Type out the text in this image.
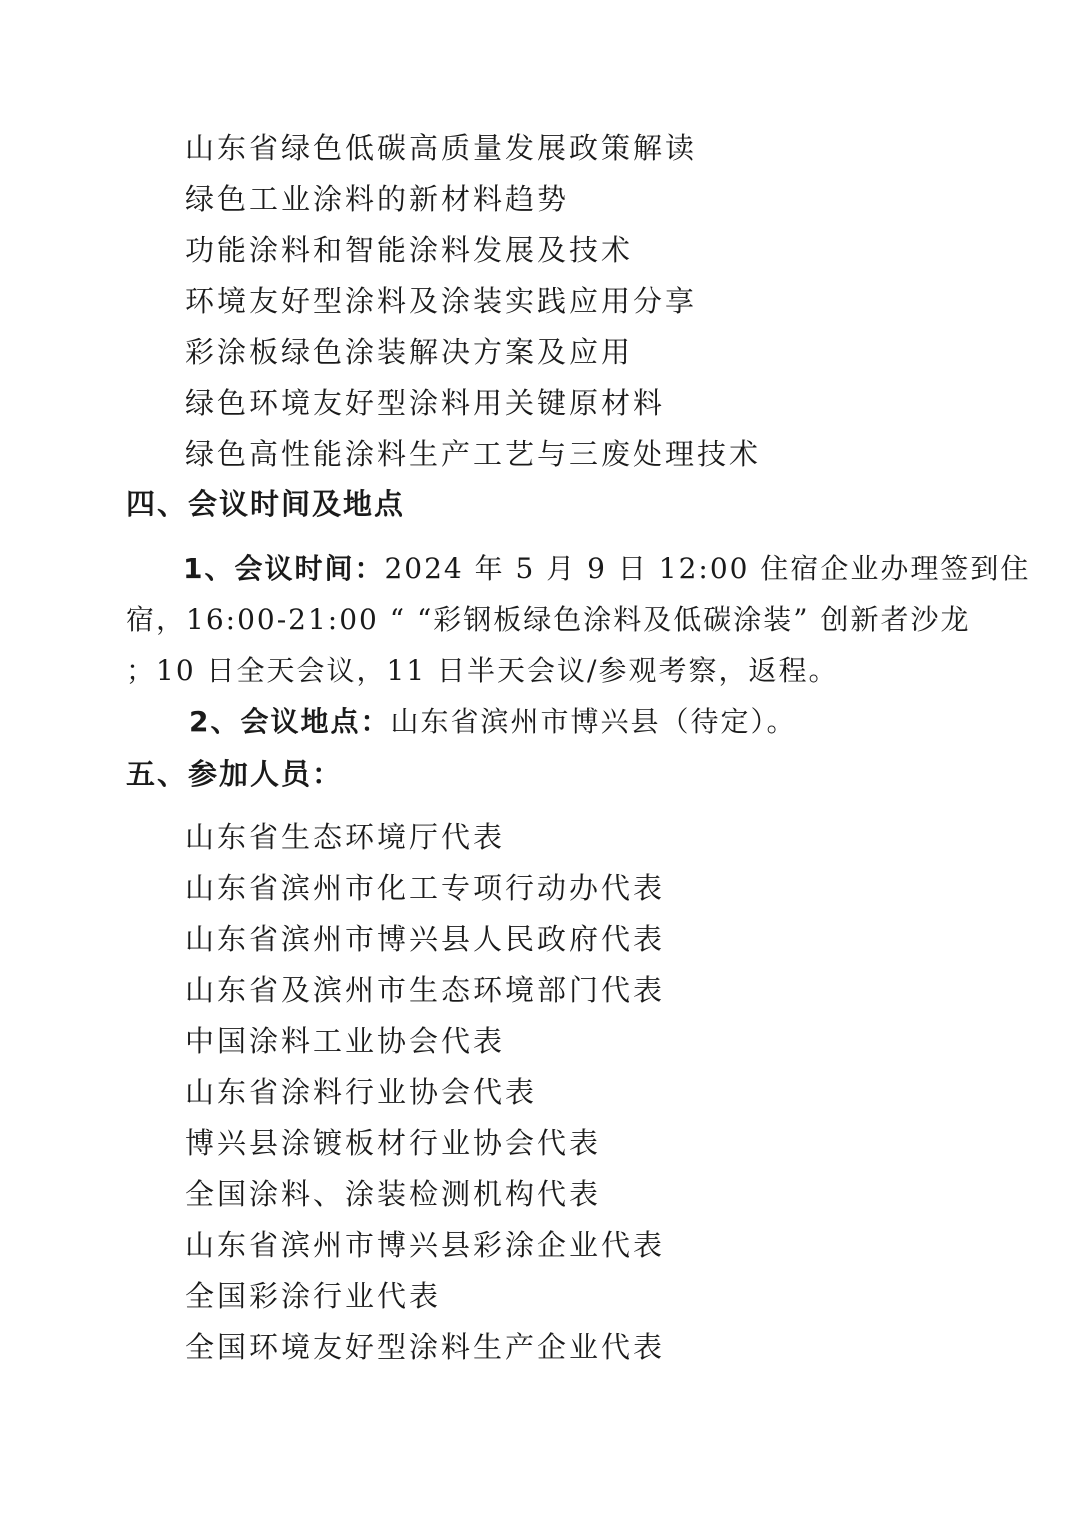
山东省绿色低碳高质量发展政策解读
绿色工业涂料的新材料趋势
功能涂料和智能涂料发展及技术
环境友好型涂料及涂装实践应用分享
彩涂板绿色涂装解决方案及应用
绿色环境友好型涂料用关键原材料
绿色高性能涂料生产工艺与三废处理技术
四、会议时间及地点
1、会议时间：2024 年 5 月 9 日 12:00 住宿企业办理签到住
宿，16:00-21:00 “ “彩钢板绿色涂料及低碳涂装” 创新者沙龙
；10 日全天会议，11 日半天会议/参观考察，返程。
2、会议地点：山东省滨州市博兴县（待定）。
五、参加人员：
山东省生态环境厅代表
山东省滨州市化工专项行动办代表
山东省滨州市博兴县人民政府代表
山东省及滨州市生态环境部门代表
中国涂料工业协会代表
山东省涂料行业协会代表
博兴县涂镀板材行业协会代表
全国涂料、涂装检测机构代表
山东省滨州市博兴县彩涂企业代表
全国彩涂行业代表
全国环境友好型涂料生产企业代表
